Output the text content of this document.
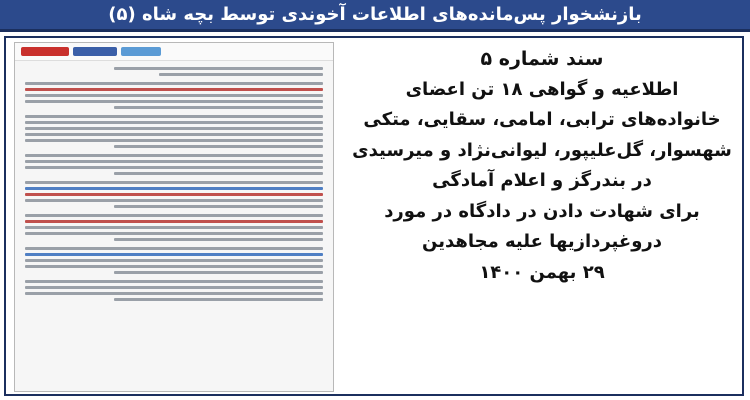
بازنشخوار پس‌مانده‌های اطلاعات آخوندی توسط بچه شاه (۵)

سند شماره ۵

اطلاعیه و گواهی ۱۸ تن اعضای

خانواده‌های ترابی، امامی، سقایی، متکی

شهسوار، گل‌علیپور، لیوانی‌نژاد و میرسیدی

در بندرگز و اعلام آمادگی

برای شهادت دادن در دادگاه در مورد

دروغپردازیها علیه مجاهدین

۲۹ بهمن ۱۴۰۰
